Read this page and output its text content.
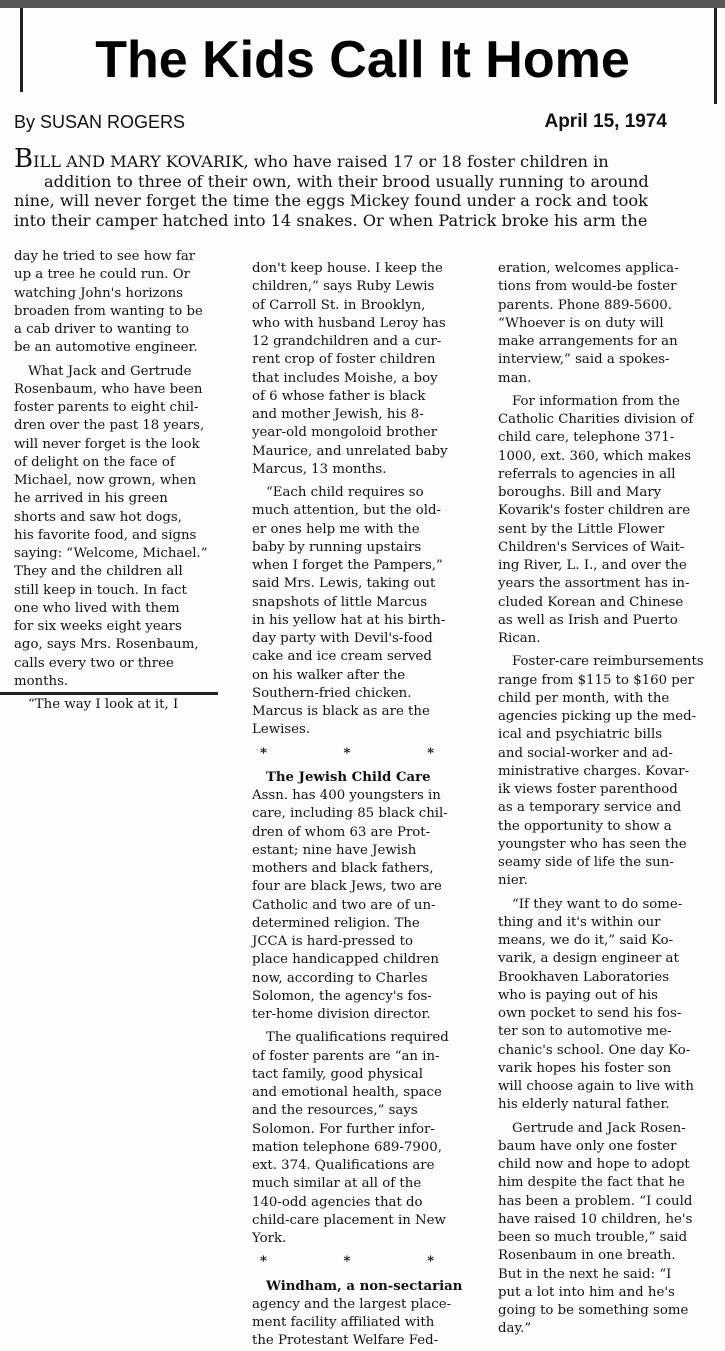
The Kids Call It Home
By SUSAN ROGERS	April 15, 1974
BILL AND MARY KOVARIK, who have raised 17 or 18 foster children in
addition to three of their own, with their brood usually running to around
nine, will never forget the time the eggs Mickey found under a rock and took
into their camper hatched into 14 snakes. Or when Patrick broke his arm the
day he tried to see how far
up a tree he could run. Or
watching John's horizons
broaden from wanting to be
a cab driver to wanting to
be an automotive engineer.
What Jack and Gertrude
Rosenbaum, who have been
foster parents to eight chil-
dren over the past 18 years,
will never forget is the look
of delight on the face of
Michael, now grown, when
he arrived in his green
shorts and saw hot dogs,
his favorite food, and signs
saying: “Welcome, Michael.”
They and the children all
still keep in touch. In fact
one who lived with them
for six weeks eight years
ago, says Mrs. Rosenbaum,
calls every two or three
months.
“The way I look at it, I
don't keep house. I keep the
children,” says Ruby Lewis
of Carroll St. in Brooklyn,
who with husband Leroy has
12 grandchildren and a cur-
rent crop of foster children
that includes Moishe, a boy
of 6 whose father is black
and mother Jewish, his 8-
year-old mongoloid brother
Maurice, and unrelated baby
Marcus, 13 months.
“Each child requires so
much attention, but the old-
er ones help me with the
baby by running upstairs
when I forget the Pampers,”
said Mrs. Lewis, taking out
snapshots of little Marcus
in his yellow hat at his birth-
day party with Devil's-food
cake and ice cream served
on his walker after the
Southern-fried chicken.
Marcus is black as are the
Lewises.
* * *
The Jewish Child Care
Assn. has 400 youngsters in
care, including 85 black chil-
dren of whom 63 are Prot-
estant; nine have Jewish
mothers and black fathers,
four are black Jews, two are
Catholic and two are of un-
determined religion. The
JCCA is hard-pressed to
place handicapped children
now, according to Charles
Solomon, the agency's fos-
ter-home division director.
The qualifications required
of foster parents are “an in-
tact family, good physical
and emotional health, space
and the resources,” says
Solomon. For further infor-
mation telephone 689-7900,
ext. 374. Qualifications are
much similar at all of the
140-odd agencies that do
child-care placement in New
York.
* * *
Windham, a non-sectarian
agency and the largest place-
ment facility affiliated with
the Protestant Welfare Fed-
eration, welcomes applica-
tions from would-be foster
parents. Phone 889-5600.
“Whoever is on duty will
make arrangements for an
interview,” said a spokes-
man.
For information from the
Catholic Charities division of
child care, telephone 371-
1000, ext. 360, which makes
referrals to agencies in all
boroughs. Bill and Mary
Kovarik's foster children are
sent by the Little Flower
Children's Services of Wait-
ing River, L. I., and over the
years the assortment has in-
cluded Korean and Chinese
as well as Irish and Puerto
Rican.
Foster-care reimbursements
range from $115 to $160 per
child per month, with the
agencies picking up the med-
ical and psychiatric bills
and social-worker and ad-
ministrative charges. Kovar-
ik views foster parenthood
as a temporary service and
the opportunity to show a
youngster who has seen the
seamy side of life the sun-
nier.
“If they want to do some-
thing and it's within our
means, we do it,” said Ko-
varik, a design engineer at
Brookhaven Laboratories
who is paying out of his
own pocket to send his fos-
ter son to automotive me-
chanic's school. One day Ko-
varik hopes his foster son
will choose again to live with
his elderly natural father.
Gertrude and Jack Rosen-
baum have only one foster
child now and hope to adopt
him despite the fact that he
has been a problem. “I could
have raised 10 children, he's
been so much trouble,” said
Rosenbaum in one breath.
But in the next he said: “I
put a lot into him and he's
going to be something some
day.”
